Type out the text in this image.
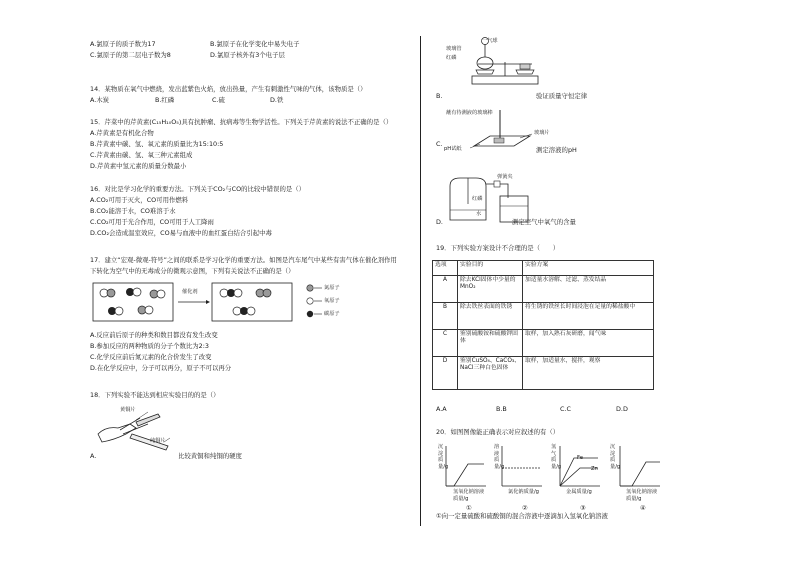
A.氯原子的质子数为17	B.氯原子在化学变化中易失电子
C.氯原子的第二层电子数为8	D.氯原子核外有3个电子层
14．某物质在氧气中燃烧，发出蓝紫色火焰，放出热量，产生有刺激性气味的气体，该物质是（）
A.木炭	B.红磷	C.硫	D.铁
15．芹菜中的芹黄素(C₁₅H₁₀O₅)具有抗肿瘤、抗病毒等生物学活性。下列关于芹黄素的说法不正确的是（）
A.芹黄素是有机化合物
B.芹黄素中碳、氢、氧元素的质量比为15:10:5
C.芹黄素由碳、氢、氧三种元素组成
D.芹黄素中氢元素的质量分数最小
16．对比是学习化学的重要方法。下列关于CO₂与CO的比较中错误的是（）
A.CO₂可用于灭火，CO可用作燃料
B.CO₂能溶于水，CO难溶于水
C.CO₂可用于光合作用，CO可用于人工降雨
D.CO₂会造成温室效应，CO易与血液中的血红蛋白结合引起中毒
17．建立“宏观-微观-符号”之间的联系是学习化学的重要方法。如图是汽车尾气中某些有害气体在催化剂作用
下转化为空气中的无毒成分的微观示意图，下列有关说法不正确的是（）
催化剂
氮原子
氧原子
碳原子
A.反应前后原子的种类和数目都没有发生改变
B.参加反应的两种物质的分子个数比为2:3
C.化学反应前后氮元素的化合价发生了改变
D.在化学反应中，分子可以再分，原子不可以再分
18．下列实验不能达到相应实验目的的是（）
黄铜片
纯铜片
A.	比较黄铜和纯铜的硬度
一气球
玻璃管
红磷
B.	验证质量守恒定律
蘸有待测液的玻璃棒
玻璃片
pH试纸
C.
测定溶液的pH
弹簧夹
红磷
水
D.	测定空气中氧气的含量
19．下列实验方案设计不合理的是（　　）
选项	实验目的	实验方案
A	除去KCl固体中少量的MnO₂	加适量水溶解、过滤、蒸发结晶
B	除去铁丝表面的铁锈	将生锈的铁丝长时间浸泡在足量的稀盐酸中
C	鉴别硫酸铵和硫酸钾固体	取样，加入熟石灰研磨，闻气味
D	鉴别CuSO₄、CaCO₃、NaCl三种白色固体	取样，加适量水，搅拌，观察
A.A	B.B	C.C	D.D
20．如图图像能正确表示对应叙述的有（）
沉淀质量/g
氢氧化钠溶液质量/g
①
溶液质量/g
氯化钠质量/g
②
氢气质量/g
Fe
Zn
金属质量/g
③
沉淀质量/g
氢氧化钠溶液质量/g
④
①向一定量硫酸和硫酸铜的混合溶液中逐滴加入氢氧化钠溶液
